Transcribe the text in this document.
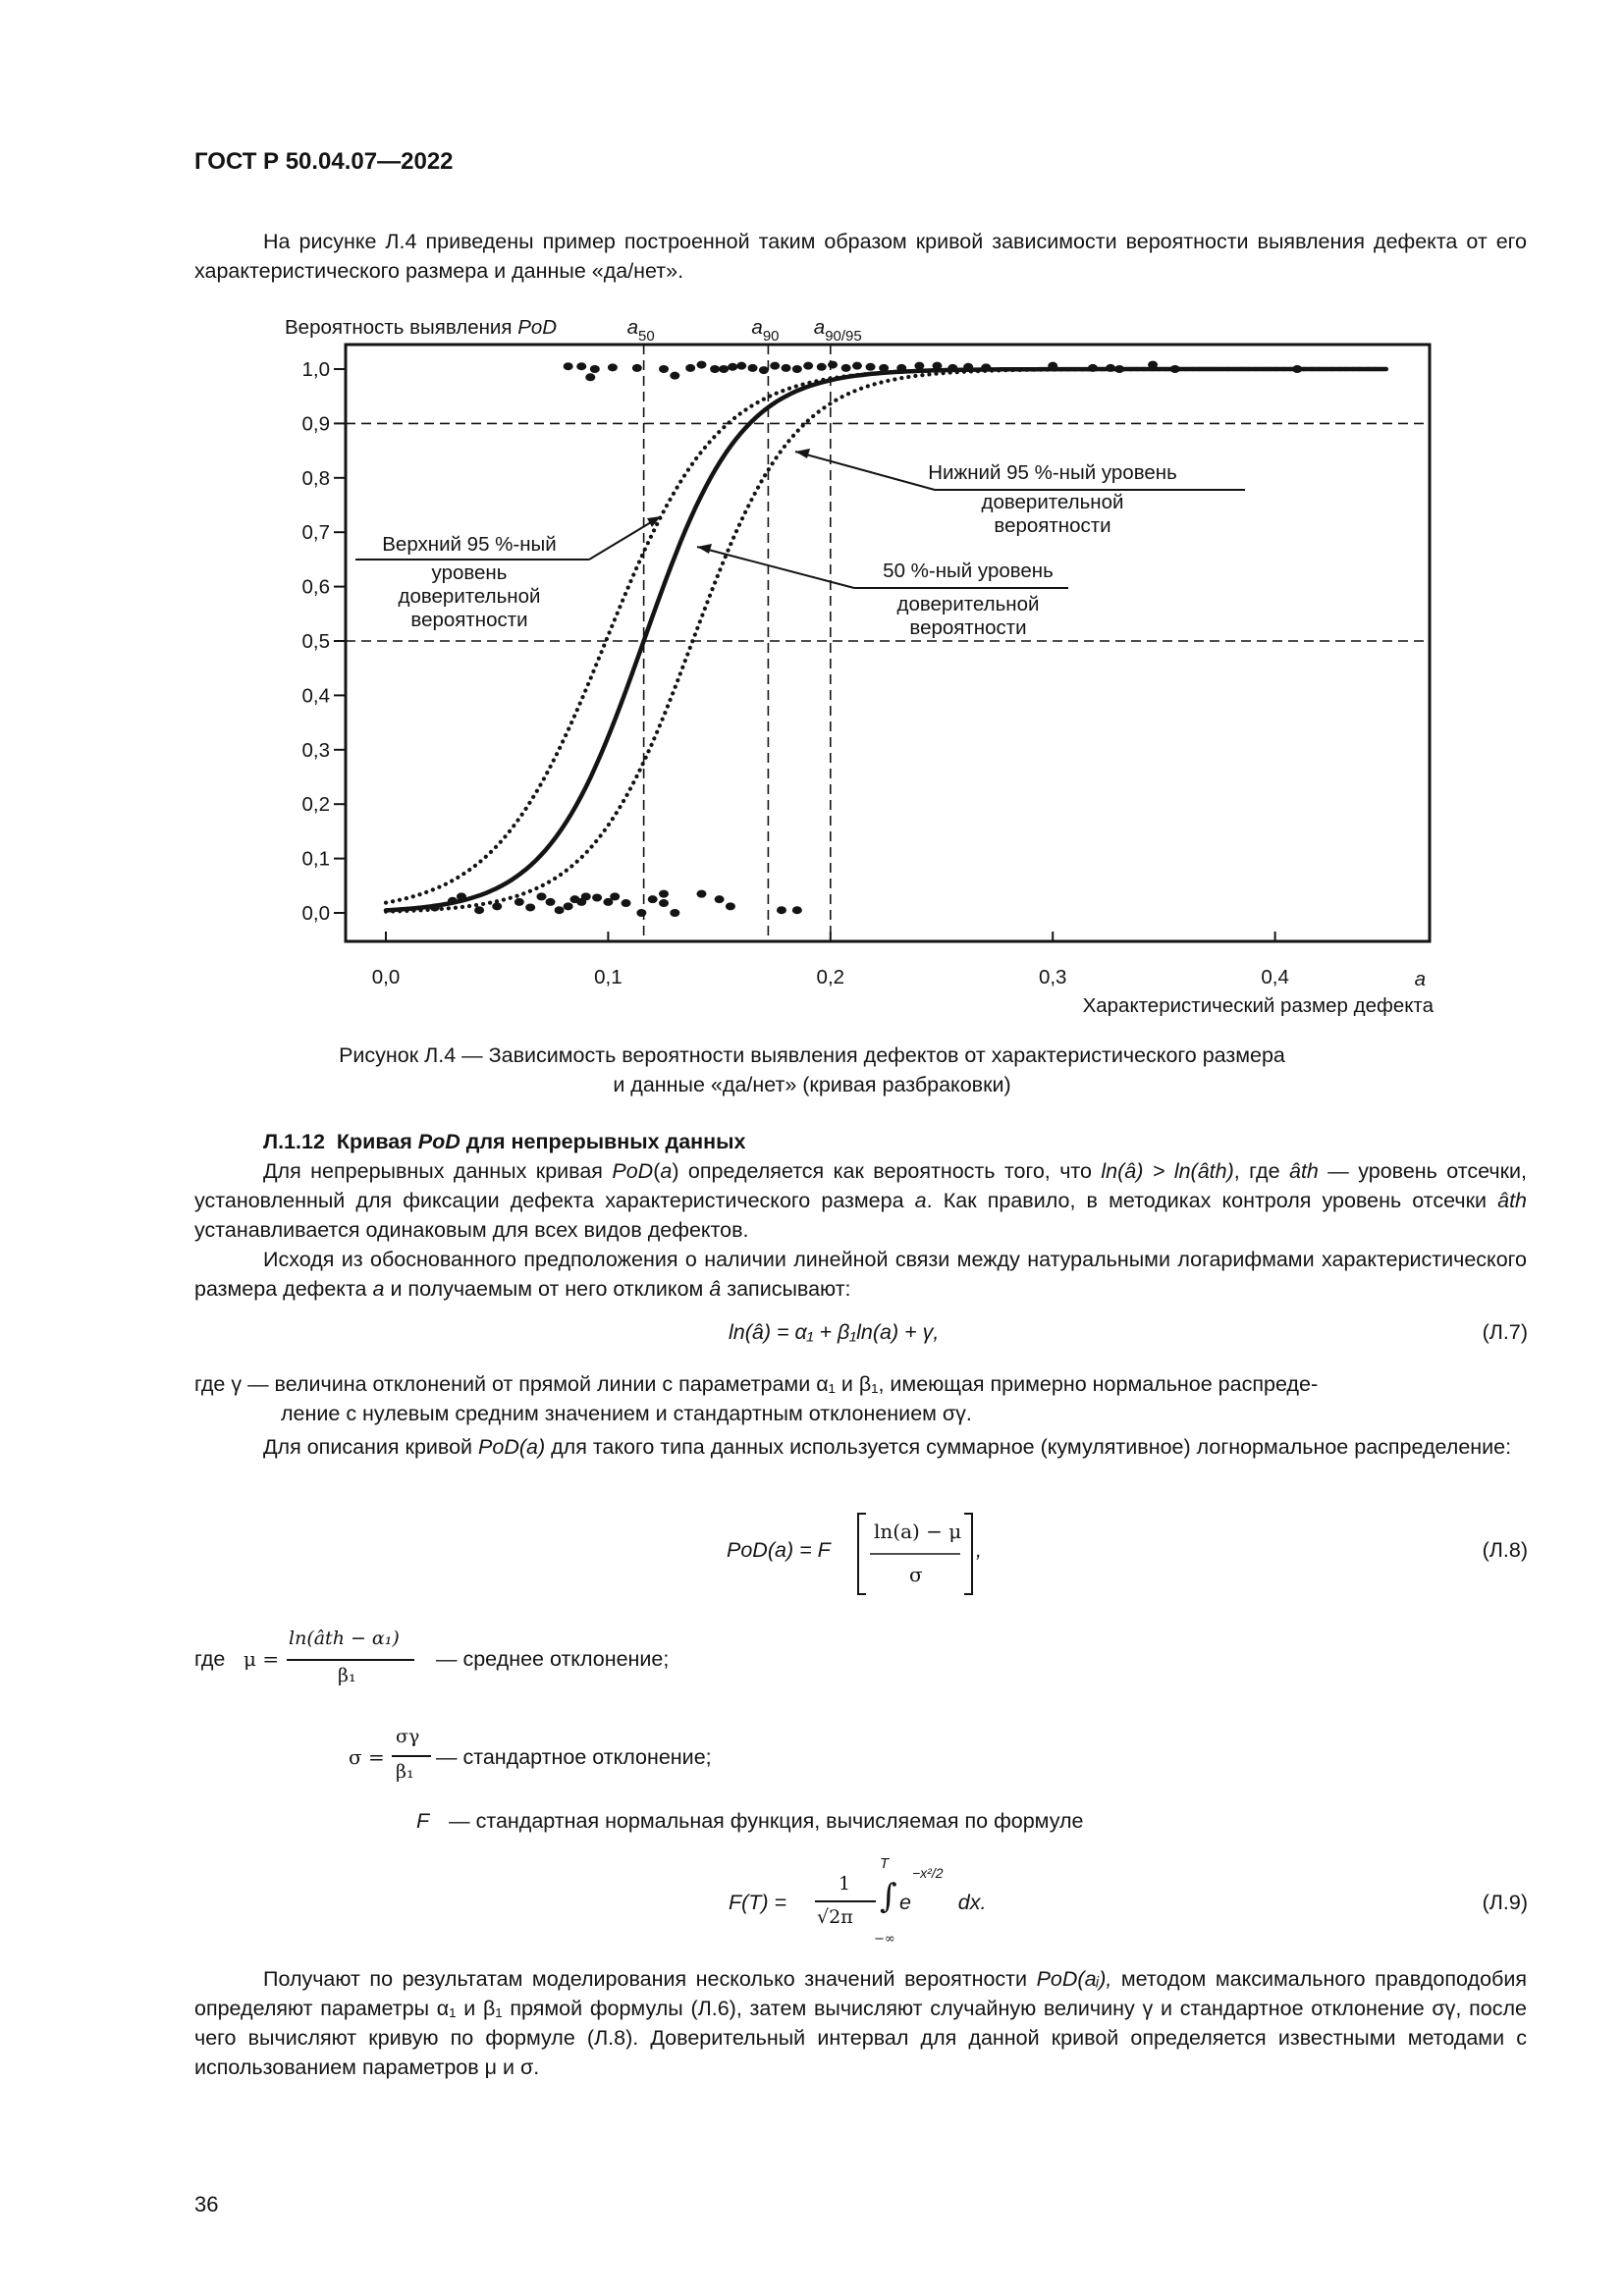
ГОСТ Р 50.04.07—2022
На рисунке Л.4 приведены пример построенной таким образом кривой зависимости вероятности выявления дефекта от его характеристического размера и данные «да/нет».
Вероятность выявления PoD	$a_{50}$	$a_{90}$ $a_{90/95}$
0,0
0,1
0,2
0,3
0,4
0,5
0,6
0,7
0,8
0,9
1,0
0,0	0,1	0,2	0,3	0,4
Верхний 95 %-ный
уровень
доверительной
вероятности
Нижний 95 %-ный уровень
доверительной
вероятности
50 %-ный уровень
доверительной
вероятности
a
Характеристический размер дефекта
Рисунок Л.4 — Зависимость вероятности выявления дефектов от характеристического размера
и данные «да/нет» (кривая разбраковки)
Л.1.12 Кривая PoD для непрерывных данных
Для непрерывных данных кривая PoD(a) определяется как вероятность того, что ln(â) > ln(âth), где âth — уровень отсечки, установленный для фиксации дефекта характеристического размера a. Как правило, в методиках контроля уровень отсечки âth устанавливается одинаковым для всех видов дефектов.
Исходя из обоснованного предположения о наличии линейной связи между натуральными логарифмами характеристического размера дефекта a и получаемым от него откликом â записывают:
ln(â) = α₁ + β₁ln(a) + γ,	(Л.7)
где γ — величина отклонений от прямой линии с параметрами α₁ и β₁, имеющая примерно нормальное распреде-
ление с нулевым средним значением и стандартным отклонением σγ.
Для описания кривой PoD(a) для такого типа данных используется суммарное (кумулятивное) логнормальное распределение:
PoD(a) = F
ln(a) − μ
σ
,	(Л.8)
где μ =
ln(âth − α₁)
β₁
— среднее отклонение;
σ =
σγ
β₁
— стандартное отклонение;
F — стандартная нормальная функция, вычисляемая по формуле
F(T) =
1
√2π
∫
T
−∞
−x²/2
e        dx.	(Л.9)
Получают по результатам моделирования несколько значений вероятности PoD(aᵢ), методом максимального правдоподобия определяют параметры α₁ и β₁ прямой формулы (Л.6), затем вычисляют случайную величину γ и стандартное отклонение σγ, после чего вычисляют кривую по формуле (Л.8). Доверительный интервал для данной кривой определяется известными методами с использованием параметров μ и σ.
36
